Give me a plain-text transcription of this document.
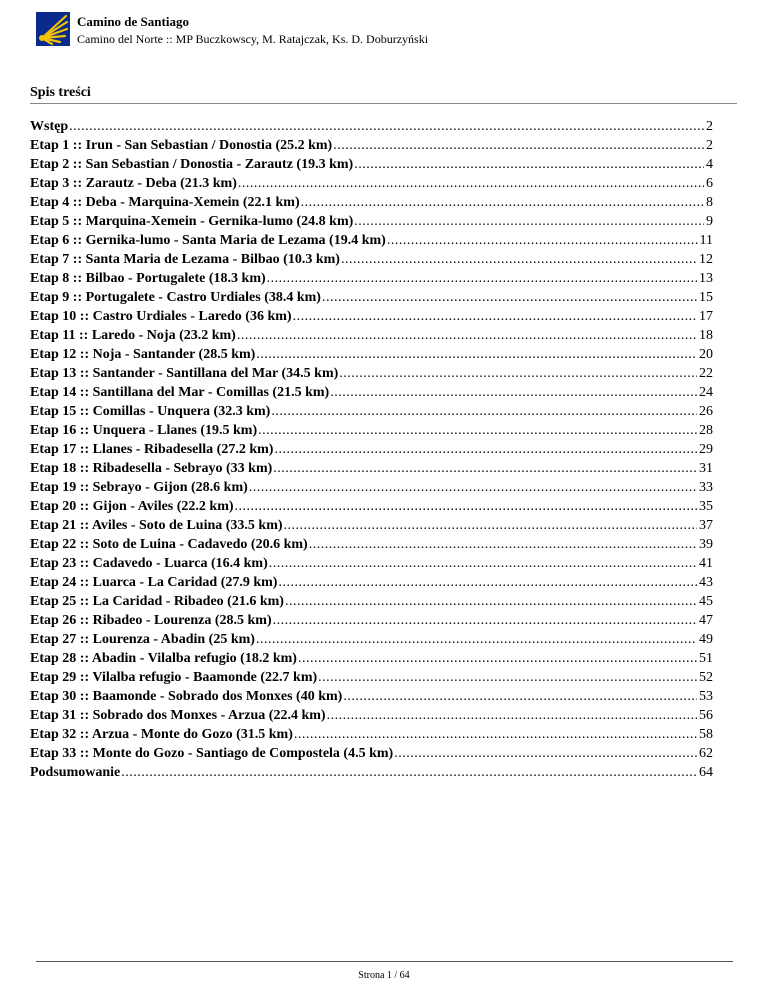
Camino de Santiago
Camino del Norte :: MP Buczkowscy, M. Ratajczak, Ks. D. Doburzyński
Spis treści
Wstęp .....	2
Etap 1 :: Irun - San Sebastian / Donostia (25.2 km) .....	2
Etap 2 :: San Sebastian / Donostia - Zarautz (19.3 km) .....	4
Etap 3 :: Zarautz - Deba (21.3 km) .....	6
Etap 4 :: Deba - Marquina-Xemein (22.1 km) .....	8
Etap 5 :: Marquina-Xemein - Gernika-lumo (24.8 km) .....	9
Etap 6 :: Gernika-lumo - Santa Maria de Lezama (19.4 km) .....	11
Etap 7 :: Santa Maria de Lezama - Bilbao (10.3 km) .....	12
Etap 8 :: Bilbao - Portugalete (18.3 km) .....	13
Etap 9 :: Portugalete - Castro Urdiales (38.4 km) .....	15
Etap 10 :: Castro Urdiales - Laredo (36 km) .....	17
Etap 11 :: Laredo - Noja (23.2 km) .....	18
Etap 12 :: Noja - Santander (28.5 km) .....	20
Etap 13 :: Santander - Santillana del Mar (34.5 km) .....	22
Etap 14 :: Santillana del Mar - Comillas (21.5 km) .....	24
Etap 15 :: Comillas - Unquera (32.3 km) .....	26
Etap 16 :: Unquera - Llanes (19.5 km) .....	28
Etap 17 :: Llanes - Ribadesella (27.2 km) .....	29
Etap 18 :: Ribadesella - Sebrayo (33 km) .....	31
Etap 19 :: Sebrayo - Gijon (28.6 km) .....	33
Etap 20 :: Gijon - Aviles (22.2 km) .....	35
Etap 21 :: Aviles - Soto de Luina (33.5 km) .....	37
Etap 22 :: Soto de Luina - Cadavedo (20.6 km) .....	39
Etap 23 :: Cadavedo - Luarca (16.4 km) .....	41
Etap 24 :: Luarca - La Caridad (27.9 km) .....	43
Etap 25 :: La Caridad - Ribadeo (21.6 km) .....	45
Etap 26 :: Ribadeo - Lourenza (28.5 km) .....	47
Etap 27 :: Lourenza - Abadin (25 km) .....	49
Etap 28 :: Abadin - Vilalba refugio (18.2 km) .....	51
Etap 29 :: Vilalba refugio - Baamonde (22.7 km) .....	52
Etap 30 :: Baamonde - Sobrado dos Monxes (40 km) .....	53
Etap 31 :: Sobrado dos Monxes - Arzua (22.4 km) .....	56
Etap 32 :: Arzua - Monte do Gozo (31.5 km) .....	58
Etap 33 :: Monte do Gozo - Santiago de Compostela (4.5 km) .....	62
Podsumowanie .....	64
Strona 1 / 64
